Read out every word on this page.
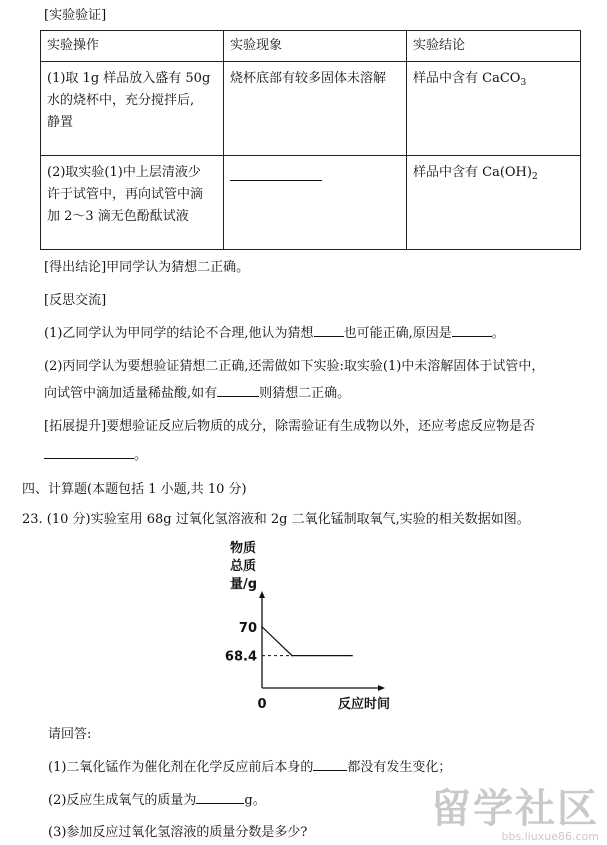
[实验验证]
实验操作	实验现象	实验结论

(1)取 1g 样品放入盛有 50g
水的烧杯中，充分搅拌后,
静置	烧杯底部有较多固体未溶解	样品中含有 CaCO$_3$

(2)取实验(1)中上层清液少
许于试管中，再向试管中滴
加 2～3 滴无色酚酞试液		样品中含有 $Ca(OH)_2$
[得出结论]甲同学认为猜想二正确。
[反思交流]
(1)乙同学认为甲同学的结论不合理,他认为猜想 也可能正确,原因是	。
(2)丙同学认为要想验证猜想二正确,还需做如下实验:取实验(1)中未溶解固体于试管中，
向试管中滴加适量稀盐酸,如有	则猜想二正确。
[拓展提升]要想验证反应后物质的成分，除需验证有生成物以外，还应考虑反应物是否
。
四、计算题(本题包括 1 小题,共 10 分)
23. (10 分)实验室用 68g 过氧化氢溶液和 2g 二氧化锰制取氧气,实验的相关数据如图。
物质
总质
量/g
70
68.4
0	反应时间
请回答:
(1)二氧化锰作为催化剂在化学反应前后本身的	都没有发生变化；
(2)反应生成氧气的质量为	g。
(3)参加反应过氧化氢溶液的质量分数是多少?
留学社区
bbs.liuxue86.com
